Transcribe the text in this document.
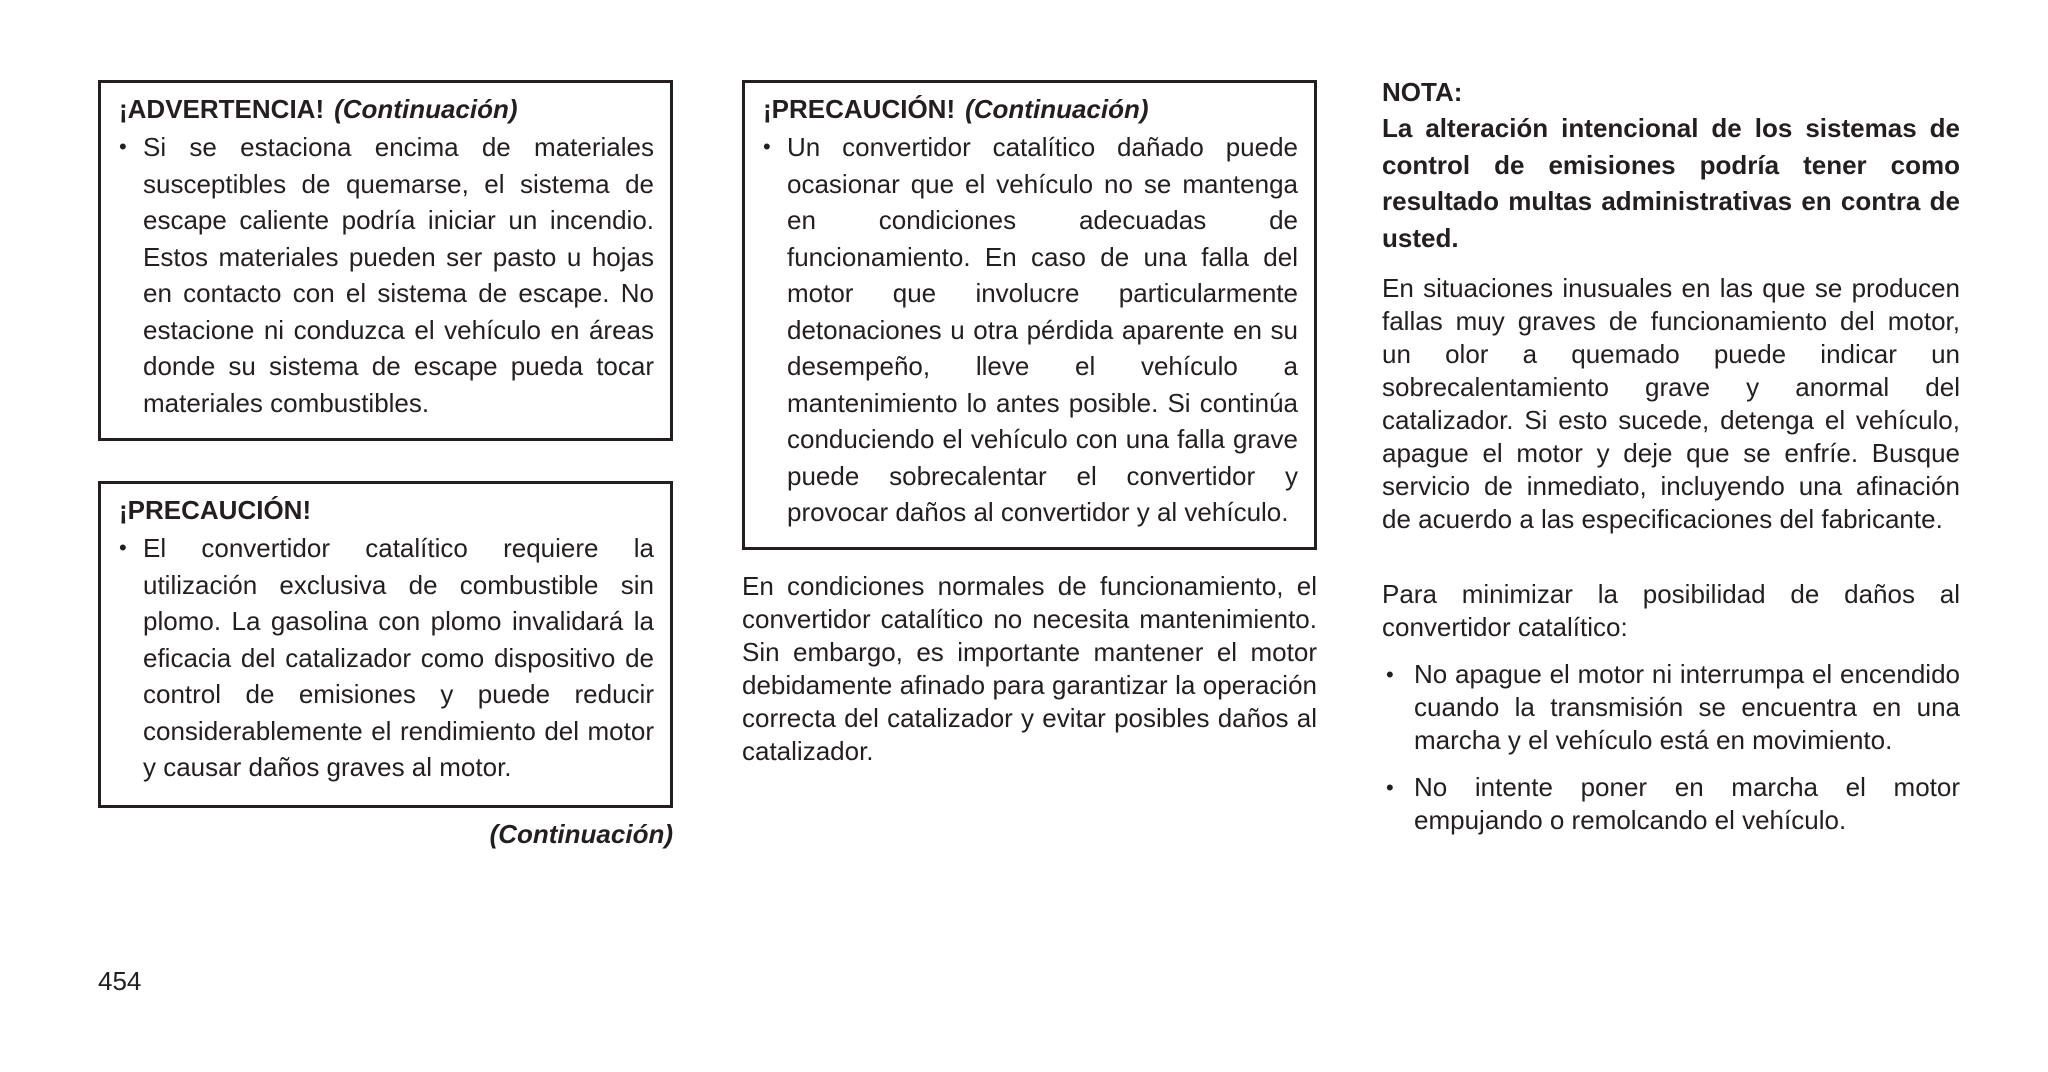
¡ADVERTENCIA! (Continuación)
• Si se estaciona encima de materiales susceptibles de quemarse, el sistema de escape caliente podría iniciar un incendio. Estos materiales pueden ser pasto u hojas en contacto con el sistema de escape. No estacione ni conduzca el vehículo en áreas donde su sistema de escape pueda tocar materiales combustibles.
¡PRECAUCIÓN!
• El convertidor catalítico requiere la utilización exclusiva de combustible sin plomo. La gasolina con plomo invalidará la eficacia del catalizador como dispositivo de control de emisiones y puede reducir considerablemente el rendimiento del motor y causar daños graves al motor.
(Continuación)
¡PRECAUCIÓN! (Continuación)
• Un convertidor catalítico dañado puede ocasionar que el vehículo no se mantenga en condiciones adecuadas de funcionamiento. En caso de una falla del motor que involucre particularmente detonaciones u otra pérdida aparente en su desempeño, lleve el vehículo a mantenimiento lo antes posible. Si continúa conduciendo el vehículo con una falla grave puede sobrecalentar el convertidor y provocar daños al convertidor y al vehículo.
En condiciones normales de funcionamiento, el convertidor catalítico no necesita mantenimiento. Sin embargo, es importante mantener el motor debidamente afinado para garantizar la operación correcta del catalizador y evitar posibles daños al catalizador.
NOTA:
La alteración intencional de los sistemas de control de emisiones podría tener como resultado multas administrativas en contra de usted.
En situaciones inusuales en las que se producen fallas muy graves de funcionamiento del motor, un olor a quemado puede indicar un sobrecalentamiento grave y anormal del catalizador. Si esto sucede, detenga el vehículo, apague el motor y deje que se enfríe. Busque servicio de inmediato, incluyendo una afinación de acuerdo a las especificaciones del fabricante.
Para minimizar la posibilidad de daños al convertidor catalítico:
• No apague el motor ni interrumpa el encendido cuando la transmisión se encuentra en una marcha y el vehículo está en movimiento.
• No intente poner en marcha el motor empujando o remolcando el vehículo.
454
